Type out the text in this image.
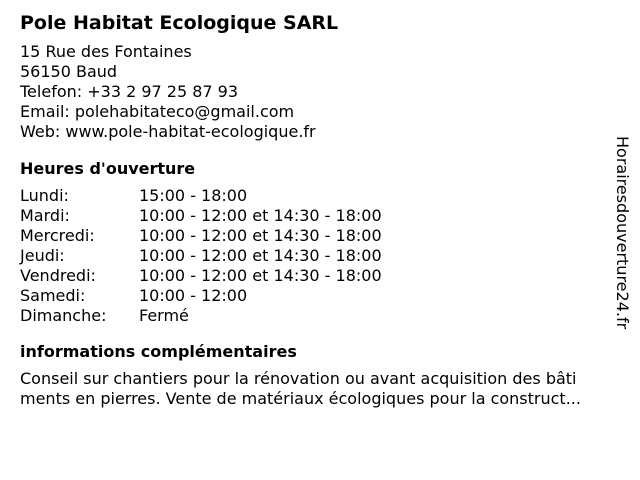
Pole Habitat Ecologique SARL
15 Rue des Fontaines
56150 Baud
Telefon: +33 2 97 25 87 93
Email: polehabitateco@gmail.com
Web: www.pole-habitat-ecologique.fr
Heures d'ouverture
Lundi:	15:00 - 18:00
Mardi:	10:00 - 12:00 et 14:30 - 18:00
Mercredi:	10:00 - 12:00 et 14:30 - 18:00
Jeudi:	10:00 - 12:00 et 14:30 - 18:00
Vendredi:	10:00 - 12:00 et 14:30 - 18:00
Samedi:	10:00 - 12:00
Dimanche:	Fermé
informations complémentaires
Conseil sur chantiers pour la rénovation ou avant acquisition des bâti
ments en pierres. Vente de matériaux écologiques pour la construct...
Horairesdouverture24.fr
